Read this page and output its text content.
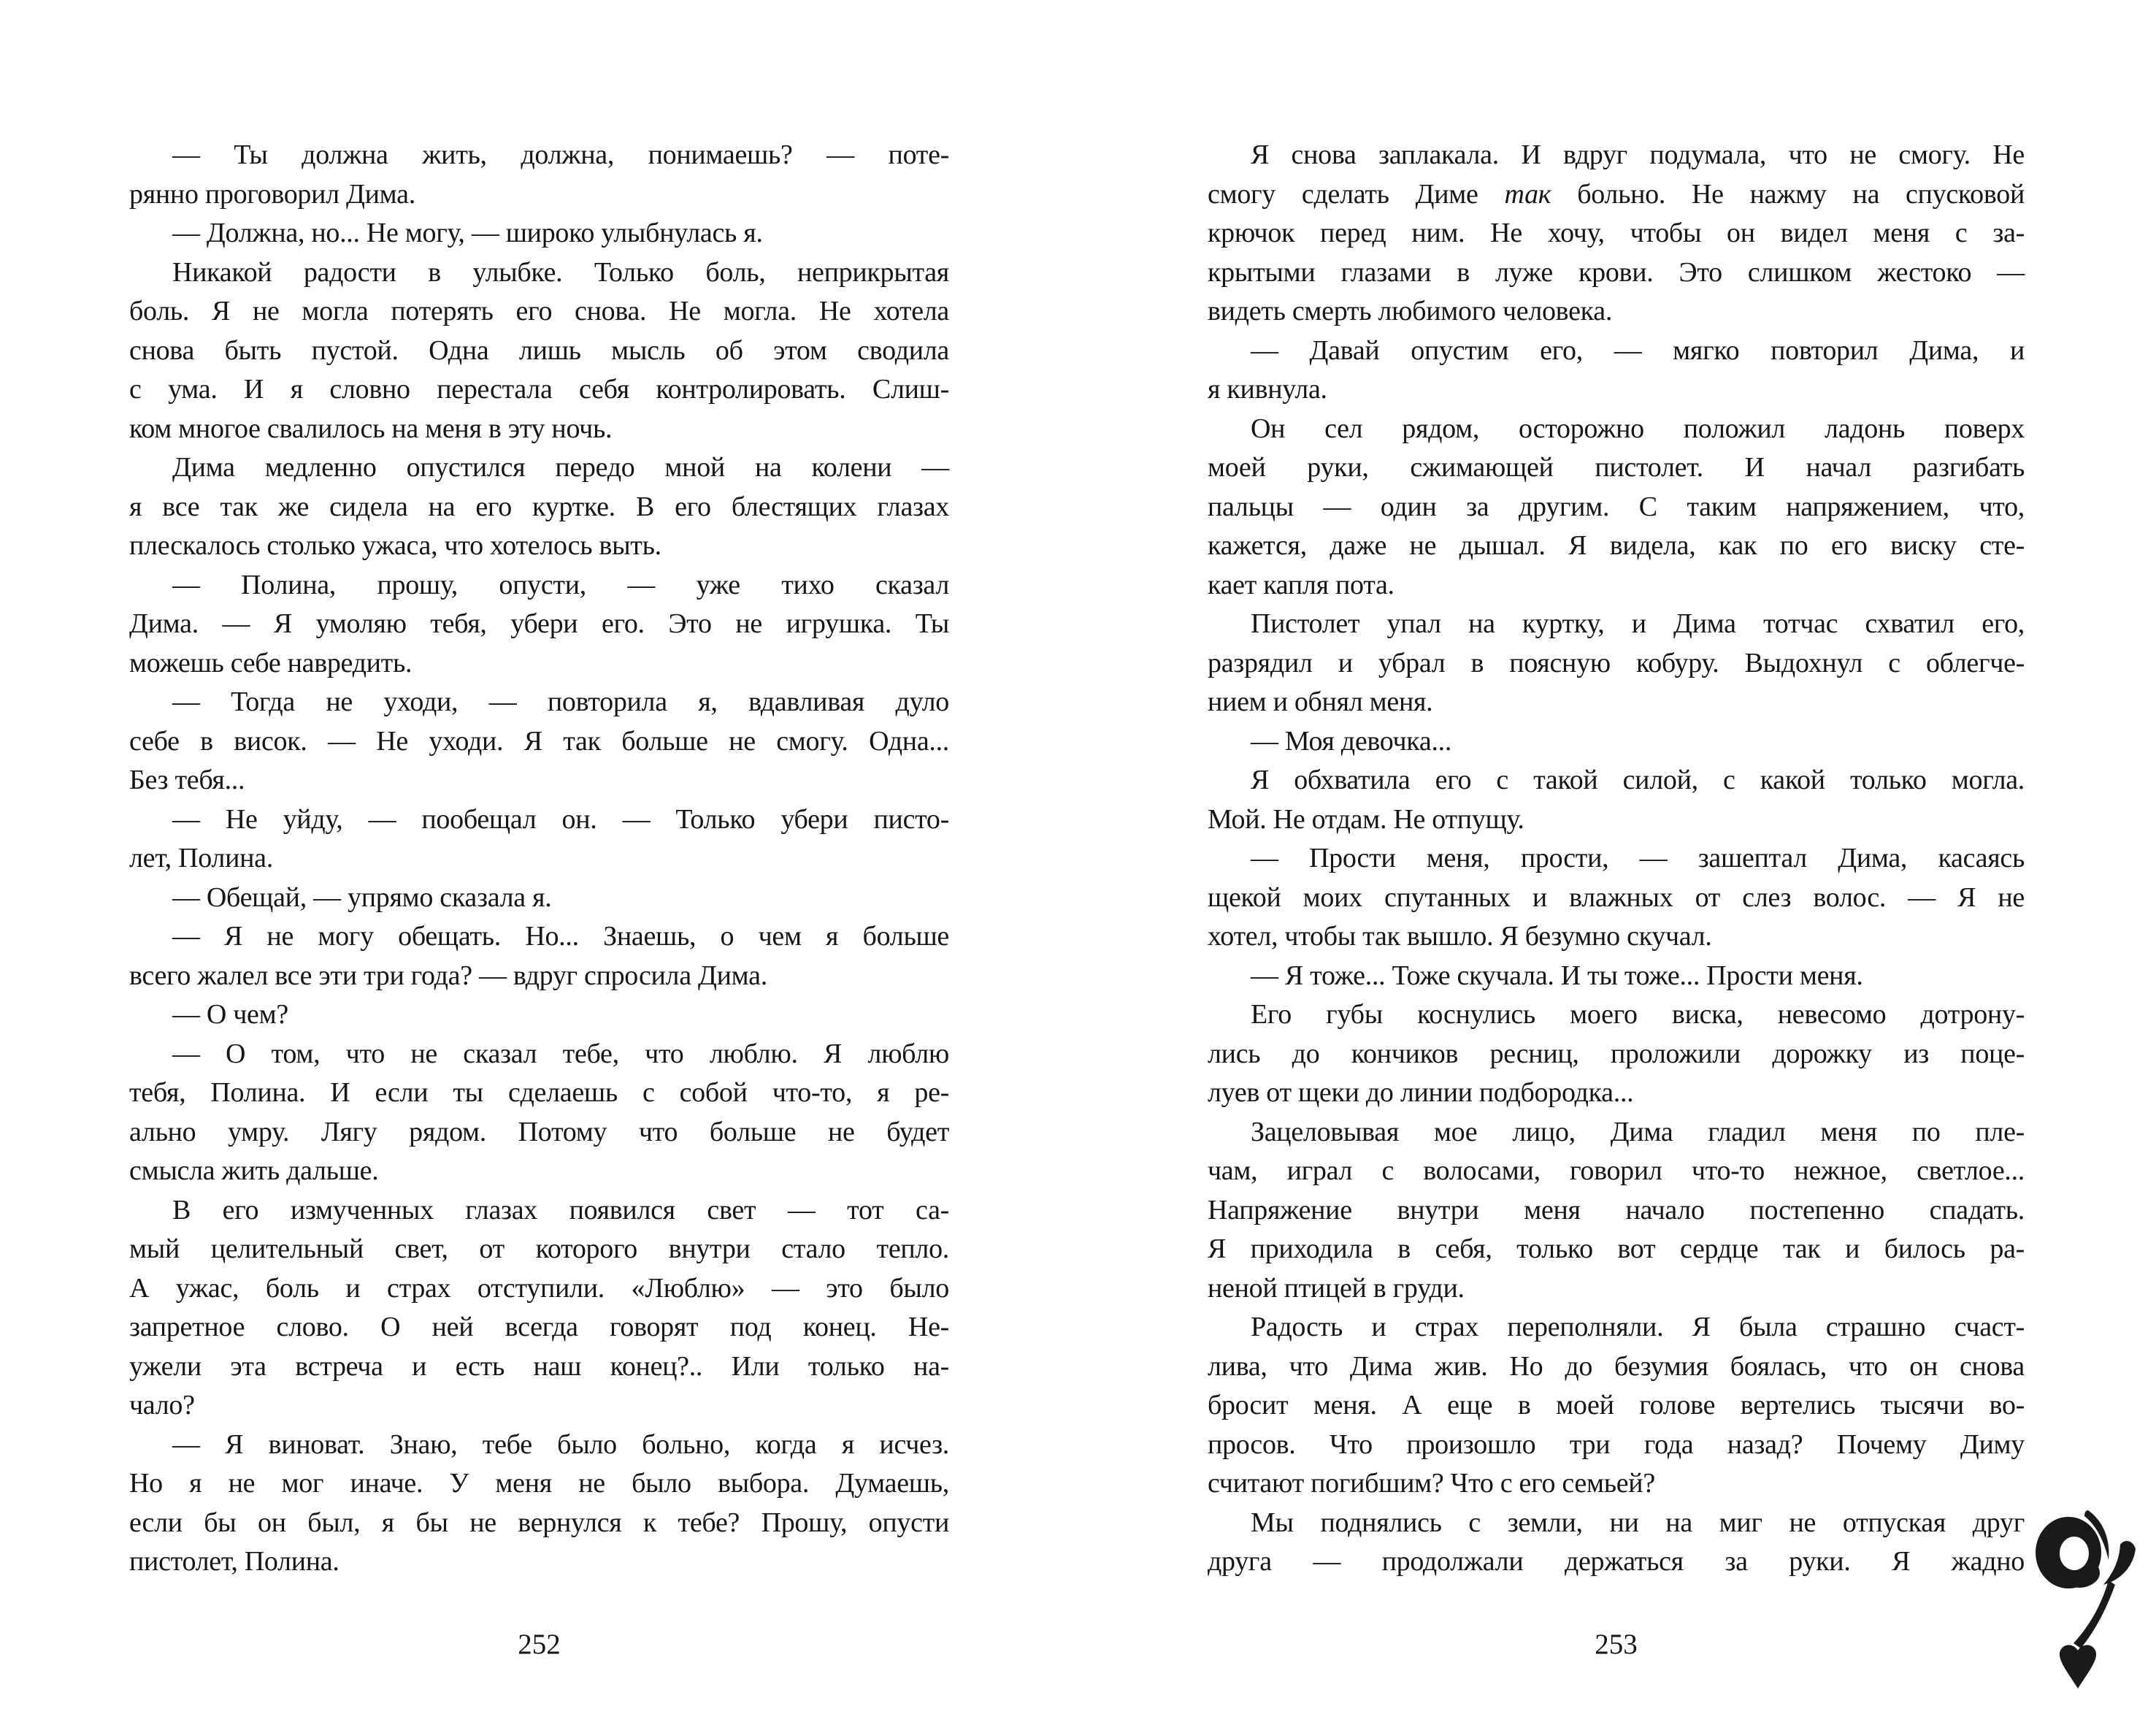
— Ты должна жить, должна, понимаешь? — поте-
рянно проговорил Дима.
— Должна, но... Не могу, — широко улыбнулась я.
Никакой радости в улыбке. Только боль, неприкрытая
боль. Я не могла потерять его снова. Не могла. Не хотела
снова быть пустой. Одна лишь мысль об этом сводила
с ума. И я словно перестала себя контролировать. Слиш-
ком многое свалилось на меня в эту ночь.
Дима медленно опустился передо мной на колени —
я все так же сидела на его куртке. В его блестящих глазах
плескалось столько ужаса, что хотелось выть.
— Полина, прошу, опусти, — уже тихо сказал
Дима. — Я умоляю тебя, убери его. Это не игрушка. Ты
можешь себе навредить.
— Тогда не уходи, — повторила я, вдавливая дуло
себе в висок. — Не уходи. Я так больше не смогу. Одна...
Без тебя...
— Не уйду, — пообещал он. — Только убери писто-
лет, Полина.
— Обещай, — упрямо сказала я.
— Я не могу обещать. Но... Знаешь, о чем я больше
всего жалел все эти три года? — вдруг спросила Дима.
— О чем?
— О том, что не сказал тебе, что люблю. Я люблю
тебя, Полина. И если ты сделаешь с собой что-то, я ре-
ально умру. Лягу рядом. Потому что больше не будет
смысла жить дальше.
В его измученных глазах появился свет — тот са-
мый целительный свет, от которого внутри стало тепло.
А ужас, боль и страх отступили. «Люблю» — это было
запретное слово. О ней всегда говорят под конец. Не-
ужели эта встреча и есть наш конец?.. Или только на-
чало?
— Я виноват. Знаю, тебе было больно, когда я исчез.
Но я не мог иначе. У меня не было выбора. Думаешь,
если бы он был, я бы не вернулся к тебе? Прошу, опусти
пистолет, Полина.
Я снова заплакала. И вдруг подумала, что не смогу. Не
смогу сделать Диме так больно. Не нажму на спусковой
крючок перед ним. Не хочу, чтобы он видел меня с за-
крытыми глазами в луже крови. Это слишком жестоко —
видеть смерть любимого человека.
— Давай опустим его, — мягко повторил Дима, и
я кивнула.
Он сел рядом, осторожно положил ладонь поверх
моей руки, сжимающей пистолет. И начал разгибать
пальцы — один за другим. С таким напряжением, что,
кажется, даже не дышал. Я видела, как по его виску сте-
кает капля пота.
Пистолет упал на куртку, и Дима тотчас схватил его,
разрядил и убрал в поясную кобуру. Выдохнул с облегче-
нием и обнял меня.
— Моя девочка...
Я обхватила его с такой силой, с какой только могла.
Мой. Не отдам. Не отпущу.
— Прости меня, прости, — зашептал Дима, касаясь
щекой моих спутанных и влажных от слез волос. — Я не
хотел, чтобы так вышло. Я безумно скучал.
— Я тоже... Тоже скучала. И ты тоже... Прости меня.
Его губы коснулись моего виска, невесомо дотрону-
лись до кончиков ресниц, проложили дорожку из поце-
луев от щеки до линии подбородка...
Зацеловывая мое лицо, Дима гладил меня по пле-
чам, играл с волосами, говорил что-то нежное, светлое...
Напряжение внутри меня начало постепенно спадать.
Я приходила в себя, только вот сердце так и билось ра-
неной птицей в груди.
Радость и страх переполняли. Я была страшно счаст-
лива, что Дима жив. Но до безумия боялась, что он снова
бросит меня. А еще в моей голове вертелись тысячи во-
просов. Что произошло три года назад? Почему Диму
считают погибшим? Что с его семьей?
Мы поднялись с земли, ни на миг не отпуская друг
друга — продолжали держаться за руки. Я жадно
252	253
